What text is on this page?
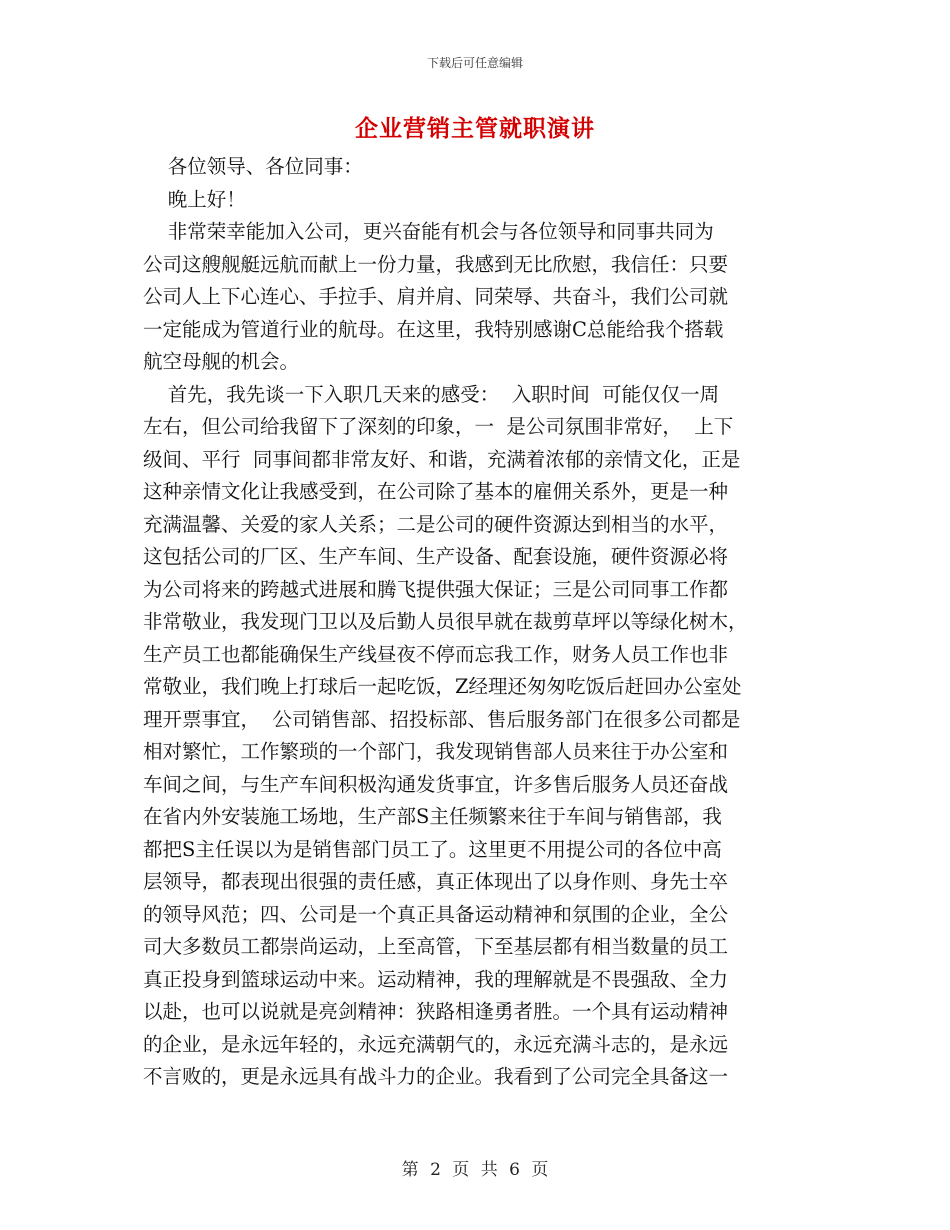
下载后可任意编辑
企业营销主管就职演讲
各位领导、各位同事：
晚上好！
非常荣幸能加入公司，更兴奋能有机会与各位领导和同事共同为
公司这艘舰艇远航而献上一份力量，我感到无比欣慰，我信任：只要
公司人上下心连心、手拉手、肩并肩、同荣辱、共奋斗，我们公司就
一定能成为管道行业的航母。在这里，我特别感谢C总能给我个搭载
航空母舰的机会。
首先，我先谈一下入职几天来的感受：  入职时间  可能仅仅一周
左右，但公司给我留下了深刻的印象，一  是公司氛围非常好，  上下
级间、平行  同事间都非常友好、和谐，充满着浓郁的亲情文化，正是
这种亲情文化让我感受到，在公司除了基本的雇佣关系外，更是一种
充满温馨、关爱的家人关系；二是公司的硬件资源达到相当的水平，
这包括公司的厂区、生产车间、生产设备、配套设施，硬件资源必将
为公司将来的跨越式进展和腾飞提供强大保证；三是公司同事工作都
非常敬业，我发现门卫以及后勤人员很早就在裁剪草坪以等绿化树木，
生产员工也都能确保生产线昼夜不停而忘我工作，财务人员工作也非
常敬业，我们晚上打球后一起吃饭，Z经理还匆匆吃饭后赶回办公室处
理开票事宜，  公司销售部、招投标部、售后服务部门在很多公司都是
相对繁忙，工作繁琐的一个部门，我发现销售部人员来往于办公室和
车间之间，与生产车间积极沟通发货事宜，许多售后服务人员还奋战
在省内外安装施工场地，生产部S主任频繁来往于车间与销售部，我
都把S主任误以为是销售部门员工了。这里更不用提公司的各位中高
层领导，都表现出很强的责任感，真正体现出了以身作则、身先士卒
的领导风范；四、公司是一个真正具备运动精神和氛围的企业，全公
司大多数员工都崇尚运动，上至高管，下至基层都有相当数量的员工
真正投身到篮球运动中来。运动精神，我的理解就是不畏强敌、全力
以赴，也可以说就是亮剑精神：狭路相逢勇者胜。一个具有运动精神
的企业，是永远年轻的，永远充满朝气的，永远充满斗志的，是永远
不言败的，更是永远具有战斗力的企业。我看到了公司完全具备这一
第 2 页 共 6 页
